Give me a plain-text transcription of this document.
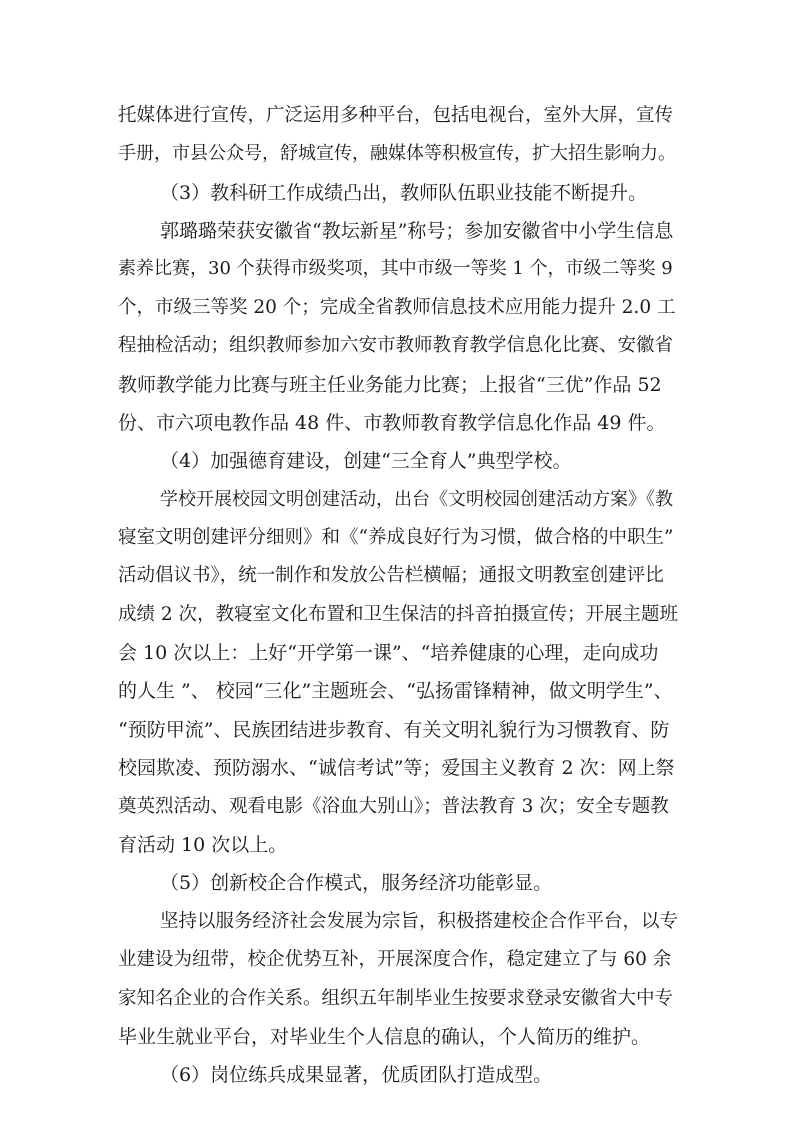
托媒体进行宣传，广泛运用多种平台，包括电视台，室外大屏，宣传
手册，市县公众号，舒城宣传，融媒体等积极宣传，扩大招生影响力。
（3）教科研工作成绩凸出，教师队伍职业技能不断提升。
郭璐璐荣获安徽省“教坛新星”称号；参加安徽省中小学生信息
素养比赛，30 个获得市级奖项，其中市级一等奖 1 个，市级二等奖 9
个，市级三等奖 20 个；完成全省教师信息技术应用能力提升 2.0 工
程抽检活动；组织教师参加六安市教师教育教学信息化比赛、安徽省
教师教学能力比赛与班主任业务能力比赛；上报省“三优”作品 52
份、市六项电教作品 48 件、市教师教育教学信息化作品 49 件。
（4）加强德育建设，创建“三全育人”典型学校。
学校开展校园文明创建活动，出台《文明校园创建活动方案》《教
寝室文明创建评分细则》和《“养成良好行为习惯，做合格的中职生”
活动倡议书》，统一制作和发放公告栏横幅；通报文明教室创建评比
成绩 2 次，教寝室文化布置和卫生保洁的抖音拍摄宣传；开展主题班
会 10 次以上：上好“开学第一课”、“培养健康的心理，走向成功
的人生 ”、 校园“三化”主题班会、“弘扬雷锋精神，做文明学生”、
“预防甲流”、民族团结进步教育、有关文明礼貌行为习惯教育、防
校园欺凌、预防溺水、“诚信考试”等；爱国主义教育 2 次：网上祭
奠英烈活动、观看电影《浴血大别山》；普法教育 3 次；安全专题教
育活动 10 次以上。
（5）创新校企合作模式，服务经济功能彰显。
坚持以服务经济社会发展为宗旨，积极搭建校企合作平台，以专
业建设为纽带，校企优势互补，开展深度合作，稳定建立了与 60 余
家知名企业的合作关系。组织五年制毕业生按要求登录安徽省大中专
毕业生就业平台，对毕业生个人信息的确认，个人简历的维护。
（6）岗位练兵成果显著，优质团队打造成型。
